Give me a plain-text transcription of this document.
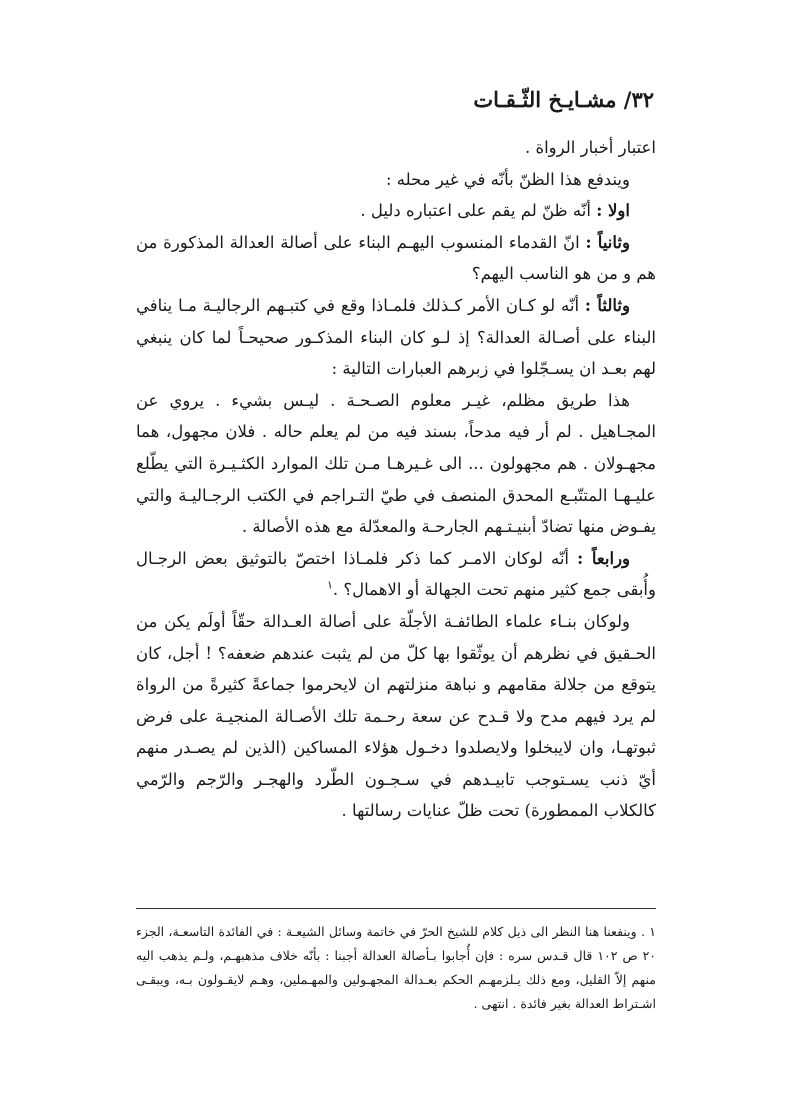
٣٢/ مشـايـخ الثّـقـات

اعتبار أخبار الرواة .

ويندفع هذا الظنّ بأنّه في غير محله :

اولا : أنّه ظنّ لم يقم على اعتباره دليل .

وثانياً : انّ القدماء المنسوب اليهـم البناء على أصالة العدالة المذكورة من هم و من هو الناسب اليهم؟

وثالثاً : أنّه لو كـان الأمر كـذلك فلمـاذا وقع في كتبـهم الرجاليـة مـا ينافي البناء على أصـالة العدالة؟ إذ لـو كان البناء المذكـور صحيحـاً لما كان ينبغي لهم بعـد ان يسـجّلوا في زبرهم العبارات التالية :

هذا طريق مظلم، غيـر معلوم الصـحـة . ليـس بشيء . يروي عن المجـاهيل . لم أر فيه مدحاً، بسند فيه من لم يعلم حاله . فلان مجهول، هما مجهـولان . هم مجهولون ... الى غـيرهـا مـن تلك الموارد الكثـيـرة التي يطّلع عليـهـا المتتّبـع المحدق المنصف في طيّ التـراجم في الكتب الرجـاليـة والتي يفـوض منها تضادّ أبنيـتـهم الجارحـة والمعدّلة مع هذه الأصالة .

ورابعاً : أنّه لوكان الامـر كما ذكر فلمـاذا اختصّ بالتوثيق بعض الرجـال وأُبقى جمع كثير منهم تحت الجهالة أو الاهمال؟ .$^١$

ولوكان بنـاء علماء الطائفـة الأجلّة على أصالة العـدالة حقّاً أولَم يكن من الحـقيق في نظرهم أن يوثّقوا بها كلّ من لم يثبت عندهم ضعفه؟ ! أجل، كان يتوقع من جلالة مقامهم و نباهة منزلتهم ان لايحرموا جماعةً كثيرةً من الرواة لم يرد فيهم مدح ولا قـدح عن سعة رحـمة تلك الأصـالة المنجيـة على فرض ثبوتهـا، وان لايبخلوا ولايصلدوا دخـول هؤلاء المساكين (الذين لم يصـدر منهم أيّ ذنب يسـتوجب تابيـدهم في سـجـون الطّرد والهجـر والرّجم والرّمي كالكلاب الممطورة) تحت ظلّ عنايات رسالتها .

١ . وينفعنا هنا النظر الى ذيل كلام للشيخ الحرّ في خاتمة وسائل الشيعـة : في الفائدة التاسعـة، الجزء ٢٠ ص ١٠٢ قال قـدس سره : فإن أُجابوا بـأصالة العدالة أجبنا : بأنّه خلاف مذهبهـم، ولـم يذهب اليه منهم إلاّ القليل، ومع ذلك يـلزمهـم الحكم بعـدالة المجهـولين والمهـملين، وهـم لايقـولون بـه، ويبقـى اشـتراط العدالة بغير فائدة . انتهى .
